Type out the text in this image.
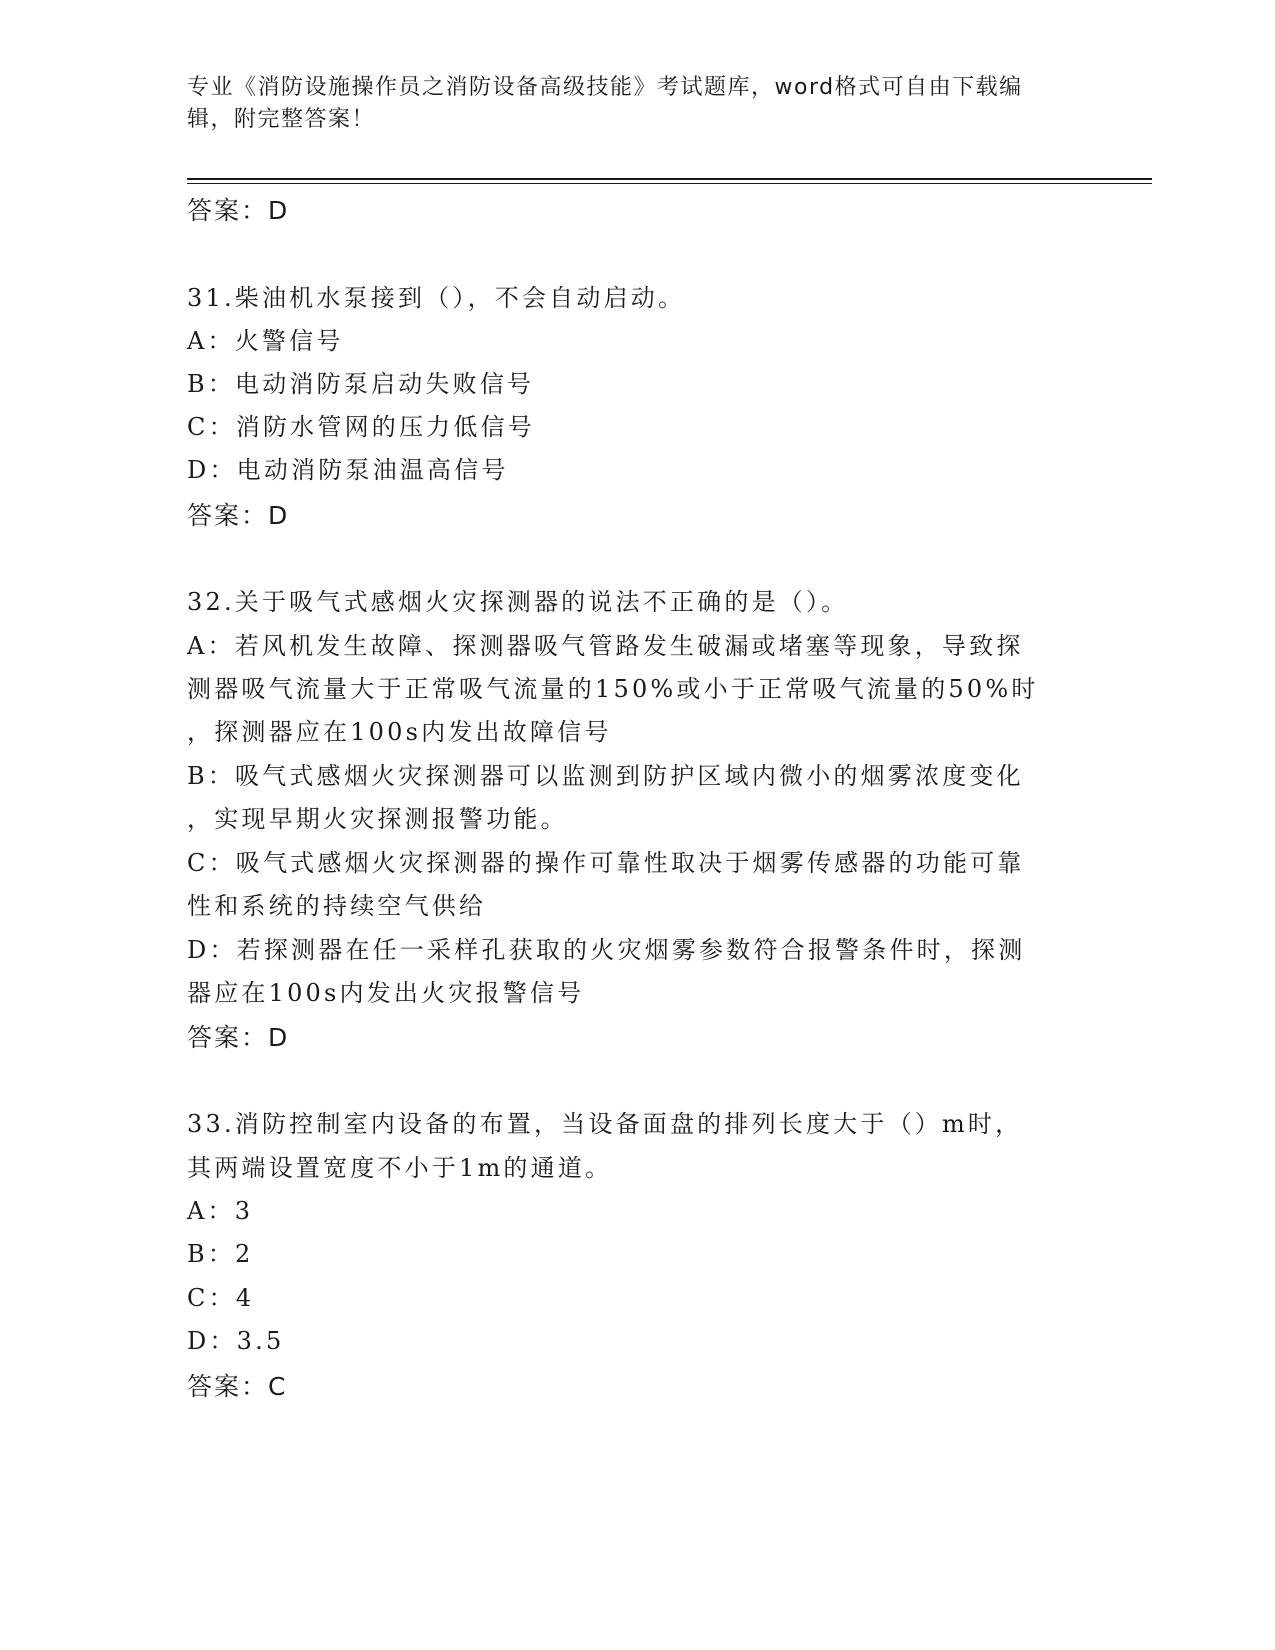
专业《消防设施操作员之消防设备高级技能》考试题库，word格式可自由下载编
辑，附完整答案！
答案：D
31.柴油机水泵接到（），不会自动启动。
A：火警信号
B：电动消防泵启动失败信号
C：消防水管网的压力低信号
D：电动消防泵油温高信号
答案：D
32.关于吸气式感烟火灾探测器的说法不正确的是（）。
A：若风机发生故障、探测器吸气管路发生破漏或堵塞等现象，导致探
测器吸气流量大于正常吸气流量的150%或小于正常吸气流量的50%时
，探测器应在100s内发出故障信号
B：吸气式感烟火灾探测器可以监测到防护区域内微小的烟雾浓度变化
，实现早期火灾探测报警功能。
C：吸气式感烟火灾探测器的操作可靠性取决于烟雾传感器的功能可靠
性和系统的持续空气供给
D：若探测器在任一采样孔获取的火灾烟雾参数符合报警条件时，探测
器应在100s内发出火灾报警信号
答案：D
33.消防控制室内设备的布置，当设备面盘的排列长度大于（）m时，
其两端设置宽度不小于1m的通道。
A：3
B：2
C：4
D：3.5
答案：C
